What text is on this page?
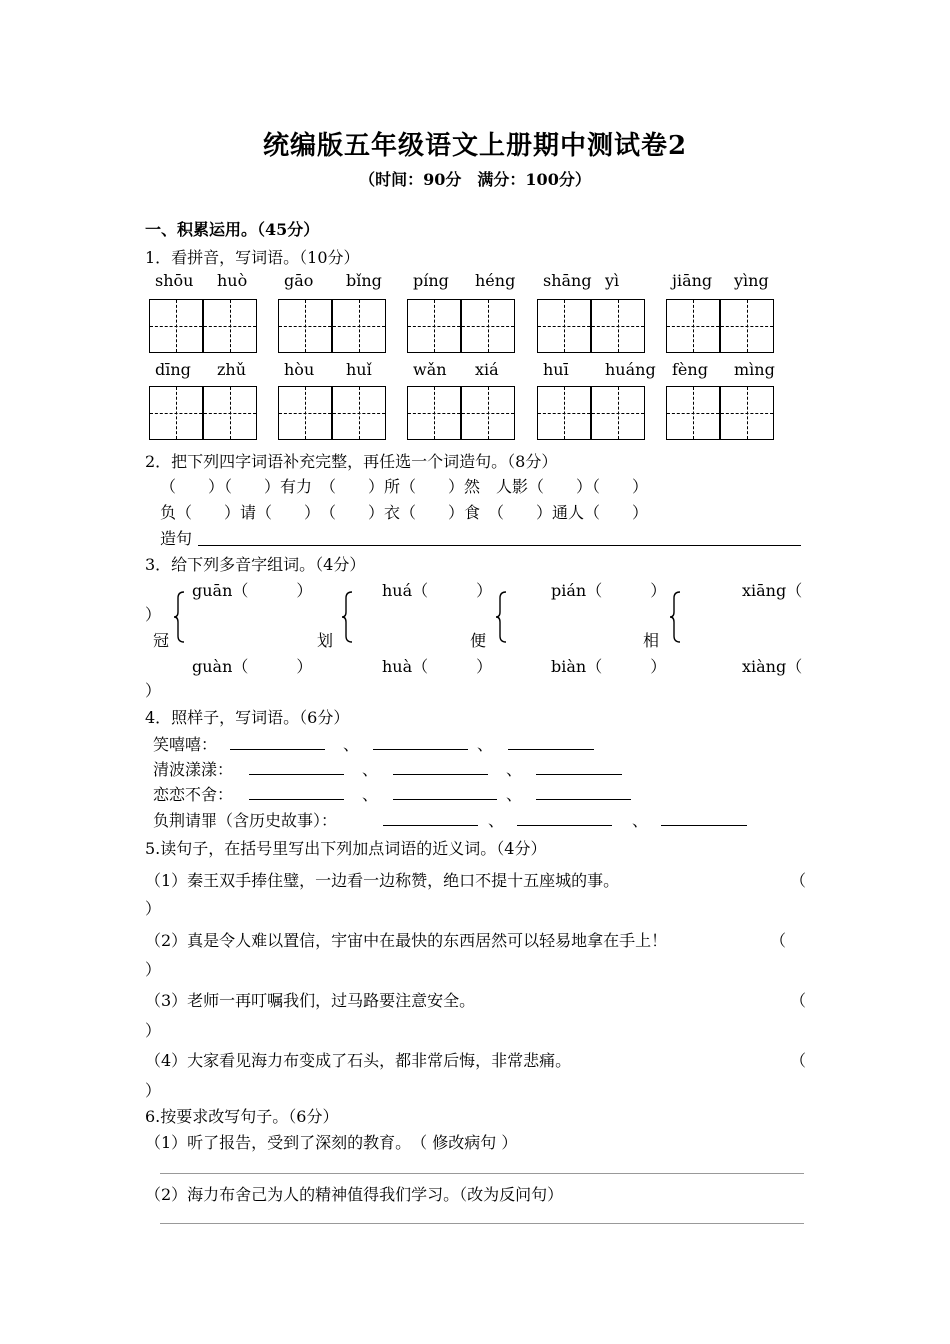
统编版五年级语文上册期中测试卷2
（时间：90分　满分：100分）
一、积累运用。（45分）
1．看拼音，写词语。（10分）
shōu huò gāo bǐng píng héng shāng yì	jiāng yìng
dīng zhǔ hòu huǐ	wǎn xiá	huī huáng fèng mìng
2．把下列四字词语补充完整，再任选一个词造句。（8分）
（　　）（　　）有力　（　　）所（　　）然　人影（　　）（　　）
负（　　）请（　　）　（　　）衣（　　）食　（　　）通人（　　）
造句
3．给下列多音字组词。（4分）
guān（　　　）	huá（　　　）	pián（　　　）	xiāng（
）
冠	划	便	相
guàn（　　　）	huà（　　　）	biàn（　　　）	xiàng（
）
4．照样子，写词语。（6分）
笑嘻嘻：	、	、
清波漾漾：	、	、
恋恋不舍：	、	、
负荆请罪（含历史故事）：	、	、
5.读句子，在括号里写出下列加点词语的近义词。（4分）
（1）秦王双手捧住璧，一边看一边称赞，绝口不提十五座城的事。	（
）
（2）真是令人难以置信，宇宙中在最快的东西居然可以轻易地拿在手上！	（
）
（3）老师一再叮嘱我们，过马路要注意安全。	（
）
（4）大家看见海力布变成了石头，都非常后悔，非常悲痛。	（
）
6.按要求改写句子。（6分）
（1）听了报告，受到了深刻的教育。　（ 修改病句 ）
（2）海力布舍己为人的精神值得我们学习。（改为反问句）
